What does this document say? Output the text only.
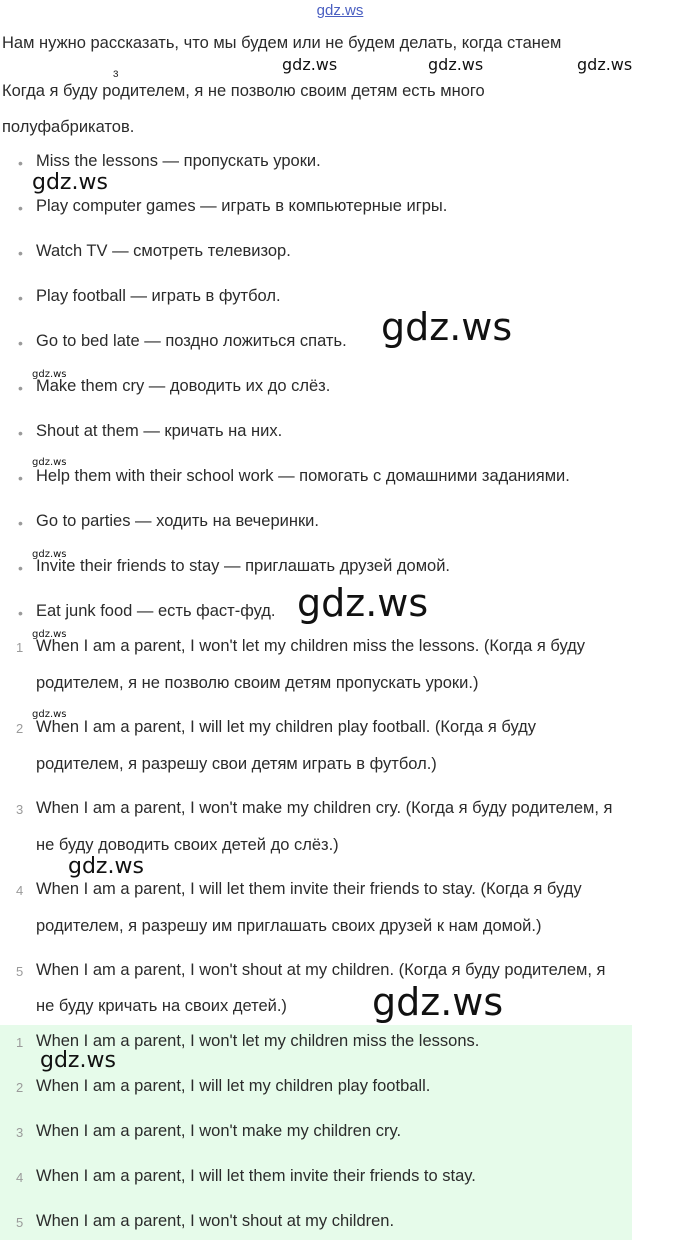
gdz.ws
Нам нужно рассказать, что мы будем или не будем делать, когда станем
ɜ
Когда я буду родителем, я не позволю своим детям есть много
полуфабрикатов.
• Miss the lessons — пропускать уроки.
• Play computer games — играть в компьютерные игры.
• Watch TV — смотреть телевизор.
• Play football — играть в футбол.
• Go to bed late — поздно ложиться спать.
• Make them cry — доводить их до слёз.
• Shout at them — кричать на них.
• Help them with their school work — помогать с домашними заданиями.
• Go to parties — ходить на вечеринки.
• Invite their friends to stay — приглашать друзей домой.
• Eat junk food — есть фаст-фуд.
1 When I am a parent, I won't let my children miss the lessons. (Когда я буду
родителем, я не позволю своим детям пропускать уроки.)
2 When I am a parent, I will let my children play football. (Когда я буду
родителем, я разрешу свои детям играть в футбол.)
3 When I am a parent, I won't make my children cry. (Когда я буду родителем, я
не буду доводить своих детей до слёз.)
4 When I am a parent, I will let them invite their friends to stay. (Когда я буду
родителем, я разрешу им приглашать своих друзей к нам домой.)
5 When I am a parent, I won't shout at my children. (Когда я буду родителем, я
не буду кричать на своих детей.)
1 When I am a parent, I won't let my children miss the lessons.
2 When I am a parent, I will let my children play football.
3 When I am a parent, I won't make my children cry.
4 When I am a parent, I will let them invite their friends to stay.
5 When I am a parent, I won't shout at my children.
gdz.ws	gdz.ws	gdz.ws
gdz.ws
gdz.ws
gdz.ws
gdz.ws
gdz.ws
gdz.ws
gdz.ws
gdz.ws
gdz.ws
gdz.ws
gdz.ws
